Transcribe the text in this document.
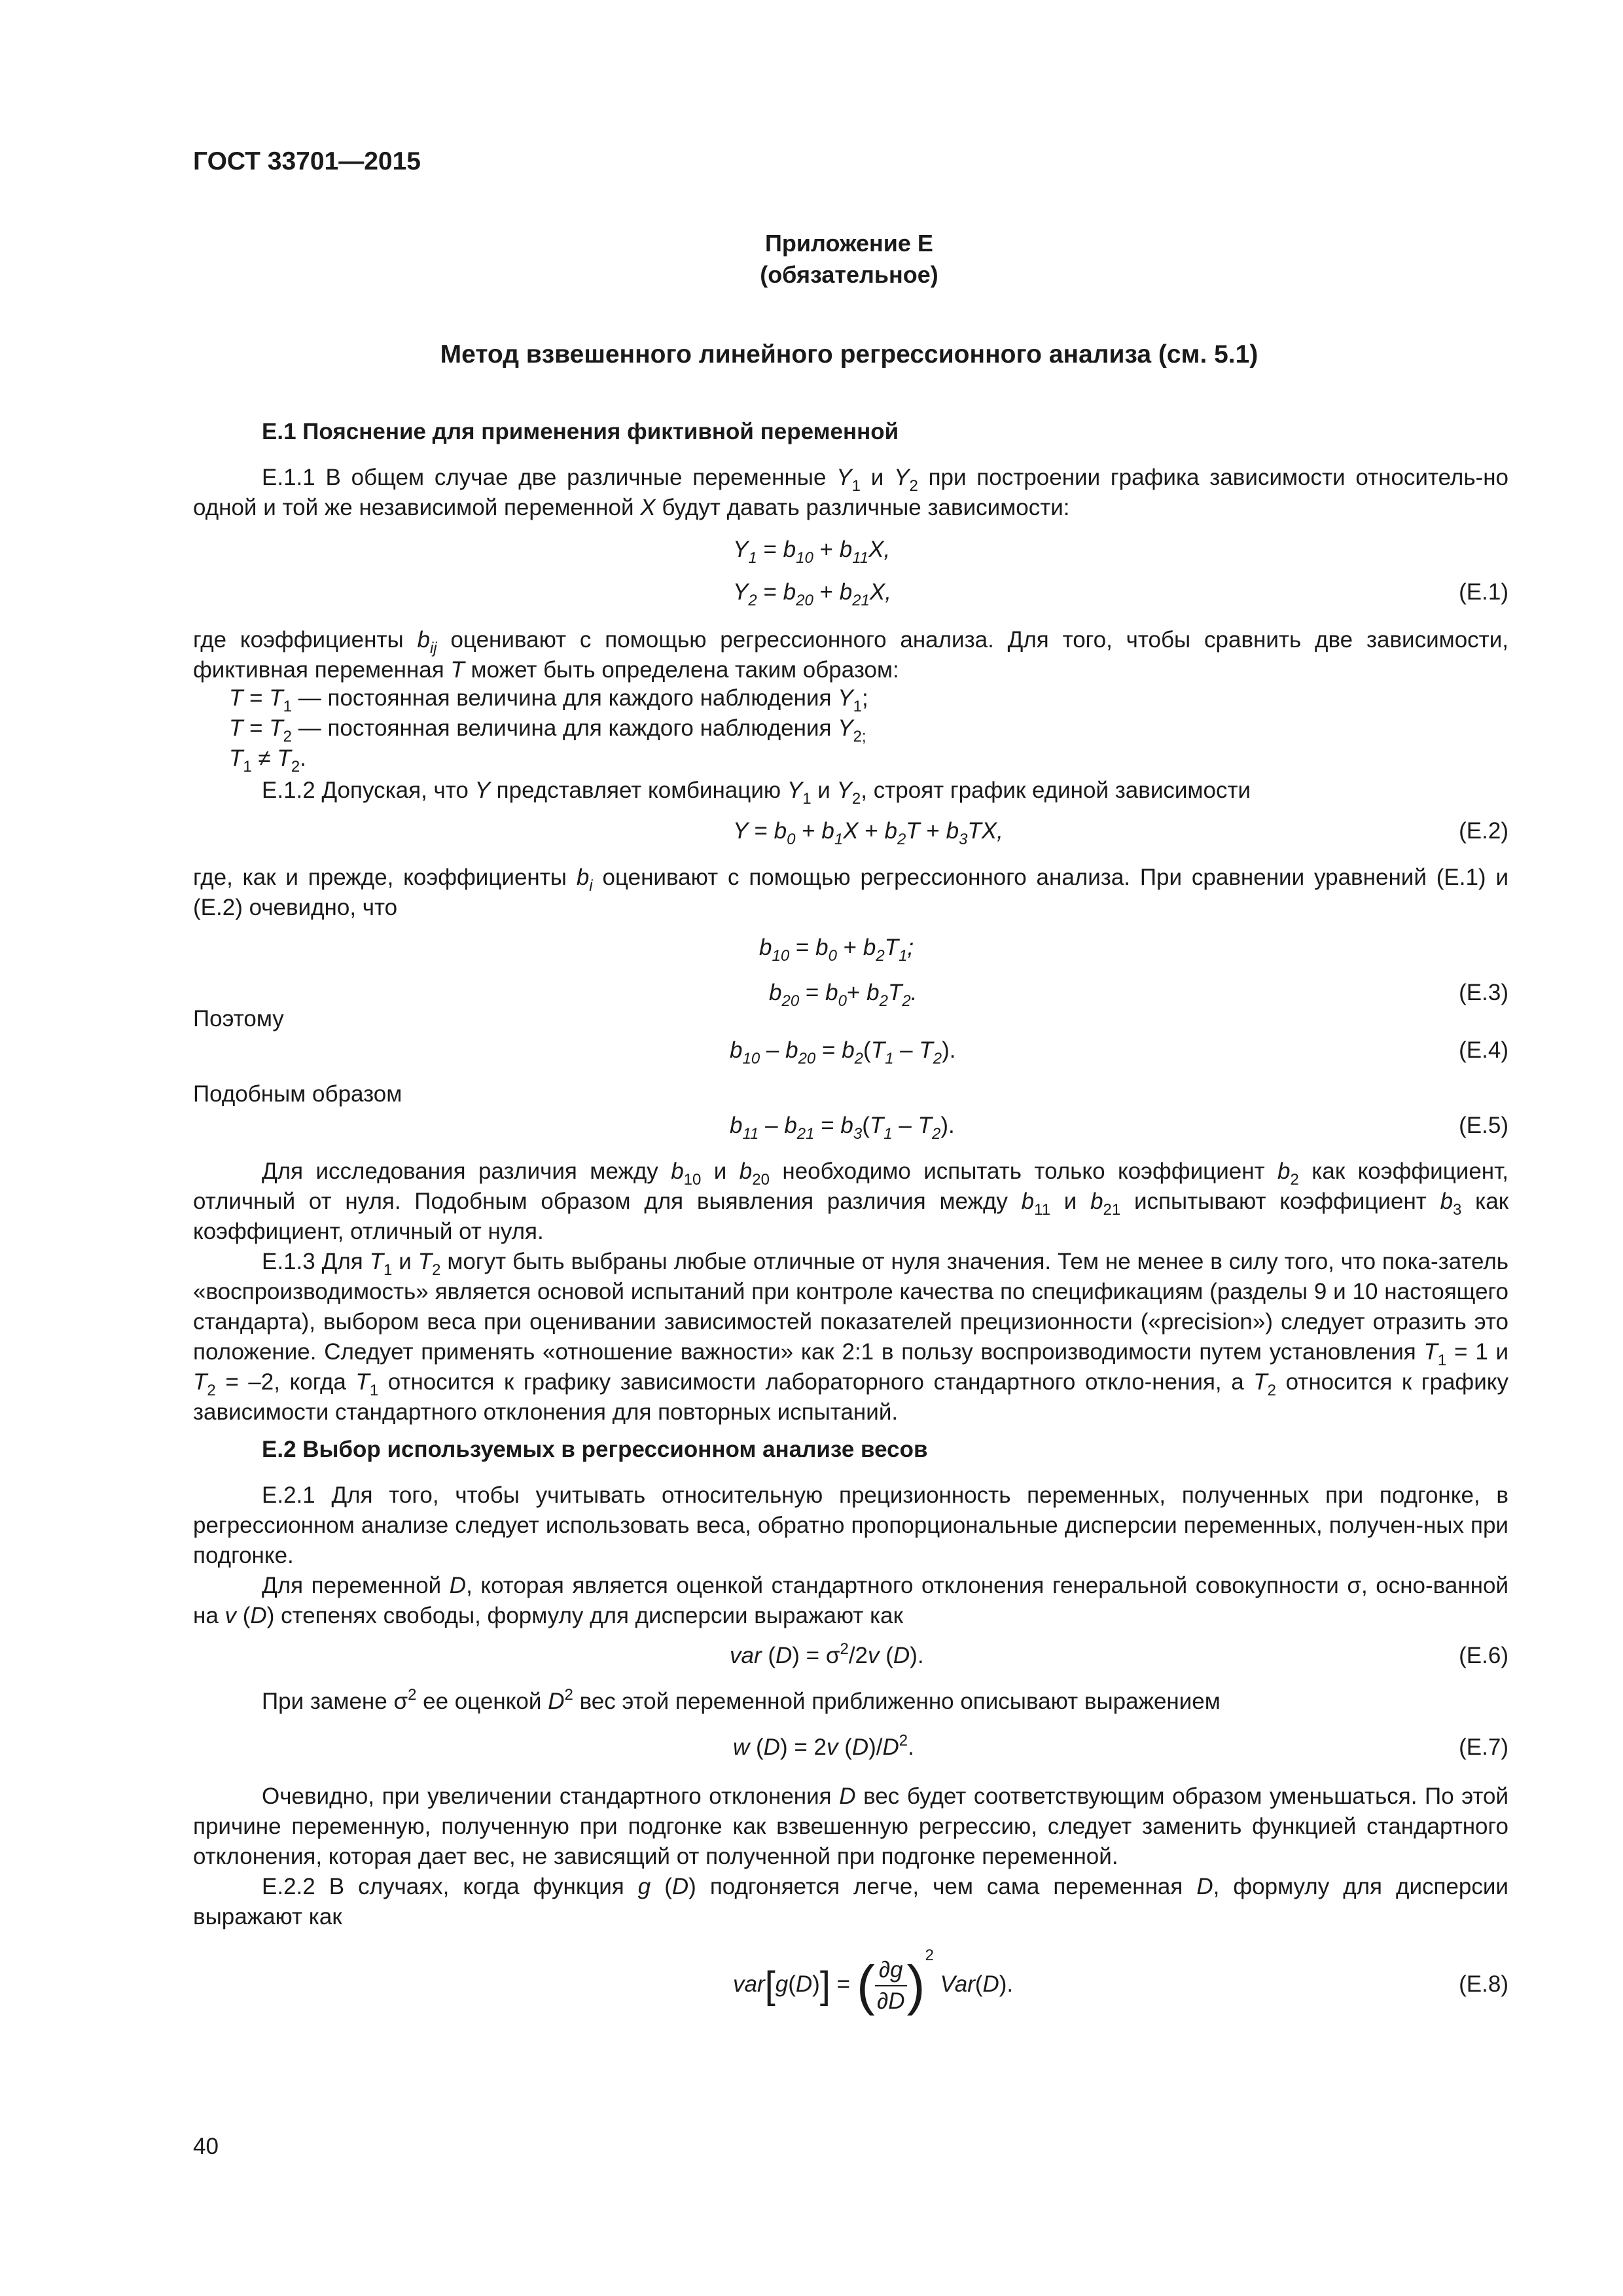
ГОСТ 33701—2015
Приложение Е
(обязательное)
Метод взвешенного линейного регрессионного анализа (см. 5.1)
Е.1 Пояснение для применения фиктивной переменной
Е.1.1 В общем случае две различные переменные $Y_1$ и $Y_2$ при построении графика зависимости относитель-но одной и той же независимой переменной X будут давать различные зависимости:
$Y_1 = b_{10} + b_{11}X$,
$Y_2 = b_{20} + b_{21}X$,	(Е.1)
где коэффициенты $b_{ij}$ оценивают с помощью регрессионного анализа. Для того, чтобы сравнить две зависимости, фиктивная переменная T может быть определена таким образом:
$T = T_1$ — постоянная величина для каждого наблюдения $Y_1$;
$T = T_2$ — постоянная величина для каждого наблюдения $Y_{2;}$
$T_1 \ne T_2$.
Е.1.2 Допуская, что Y представляет комбинацию $Y_1$ и $Y_2$, строят график единой зависимости
$Y = b_0 + b_1X + b_2T + b_3TX$,	(Е.2)
где, как и прежде, коэффициенты $b_i$ оценивают с помощью регрессионного анализа. При сравнении уравнений (Е.1) и (Е.2) очевидно, что
$b_{10} = b_0 + b_2T_1$;
$b_{20} = b_0+ b_2T_2$.	(Е.3)
Поэтому
$b_{10} - b_{20} = b_2(T_1 - T_2)$.	(Е.4)
Подобным образом
$b_{11} - b_{21} = b_3(T_1 - T_2)$.	(Е.5)
Для исследования различия между $b_{10}$ и $b_{20}$ необходимо испытать только коэффициент $b_2$ как коэффициент, отличный от нуля. Подобным образом для выявления различия между $b_{11}$ и $b_{21}$ испытывают коэффициент $b_3$ как коэффициент, отличный от нуля.
Е.1.3 Для $T_1$ и $T_2$ могут быть выбраны любые отличные от нуля значения. Тем не менее в силу того, что пока-затель «воспроизводимость» является основой испытаний при контроле качества по спецификациям (разделы 9 и 10 настоящего стандарта), выбором веса при оценивании зависимостей показателей прецизионности («precision») следует отразить это положение. Следует применять «отношение важности» как 2:1 в пользу воспроизводимости путем установления $T_1 = 1$ и $T_2 = -2$, когда $T_1$ относится к графику зависимости лабораторного стандартного откло-нения, а $T_2$ относится к графику зависимости стандартного отклонения для повторных испытаний.
Е.2 Выбор используемых в регрессионном анализе весов
Е.2.1 Для того, чтобы учитывать относительную прецизионность переменных, полученных при подгонке, в регрессионном анализе следует использовать веса, обратно пропорциональные дисперсии переменных, получен-ных при подгонке.
Для переменной D, которая является оценкой стандартного отклонения генеральной совокупности σ, осно-ванной на v (D) степенях свободы, формулу для дисперсии выражают как
var $(D) = \sigma^2/2v$ (D).	(Е.6)
При замене $\sigma^2$ ее оценкой $D^2$ вес этой переменной приближенно описывают выражением
w (D) = 2v $(D)/D^2$.	(Е.7)
Очевидно, при увеличении стандартного отклонения D вес будет соответствующим образом уменьшаться. По этой причине переменную, полученную при подгонке как взвешенную регрессию, следует заменить функцией стандартного отклонения, которая дает вес, не зависящий от полученной при подгонке переменной.
Е.2.2 В случаях, когда функция g (D) подгоняется легче, чем сама переменная D, формулу для дисперсии выражают как
var[g(D)] = ( $\frac{\partial g}{\partial D} )^2$ Var(D).	(Е.8)
40
